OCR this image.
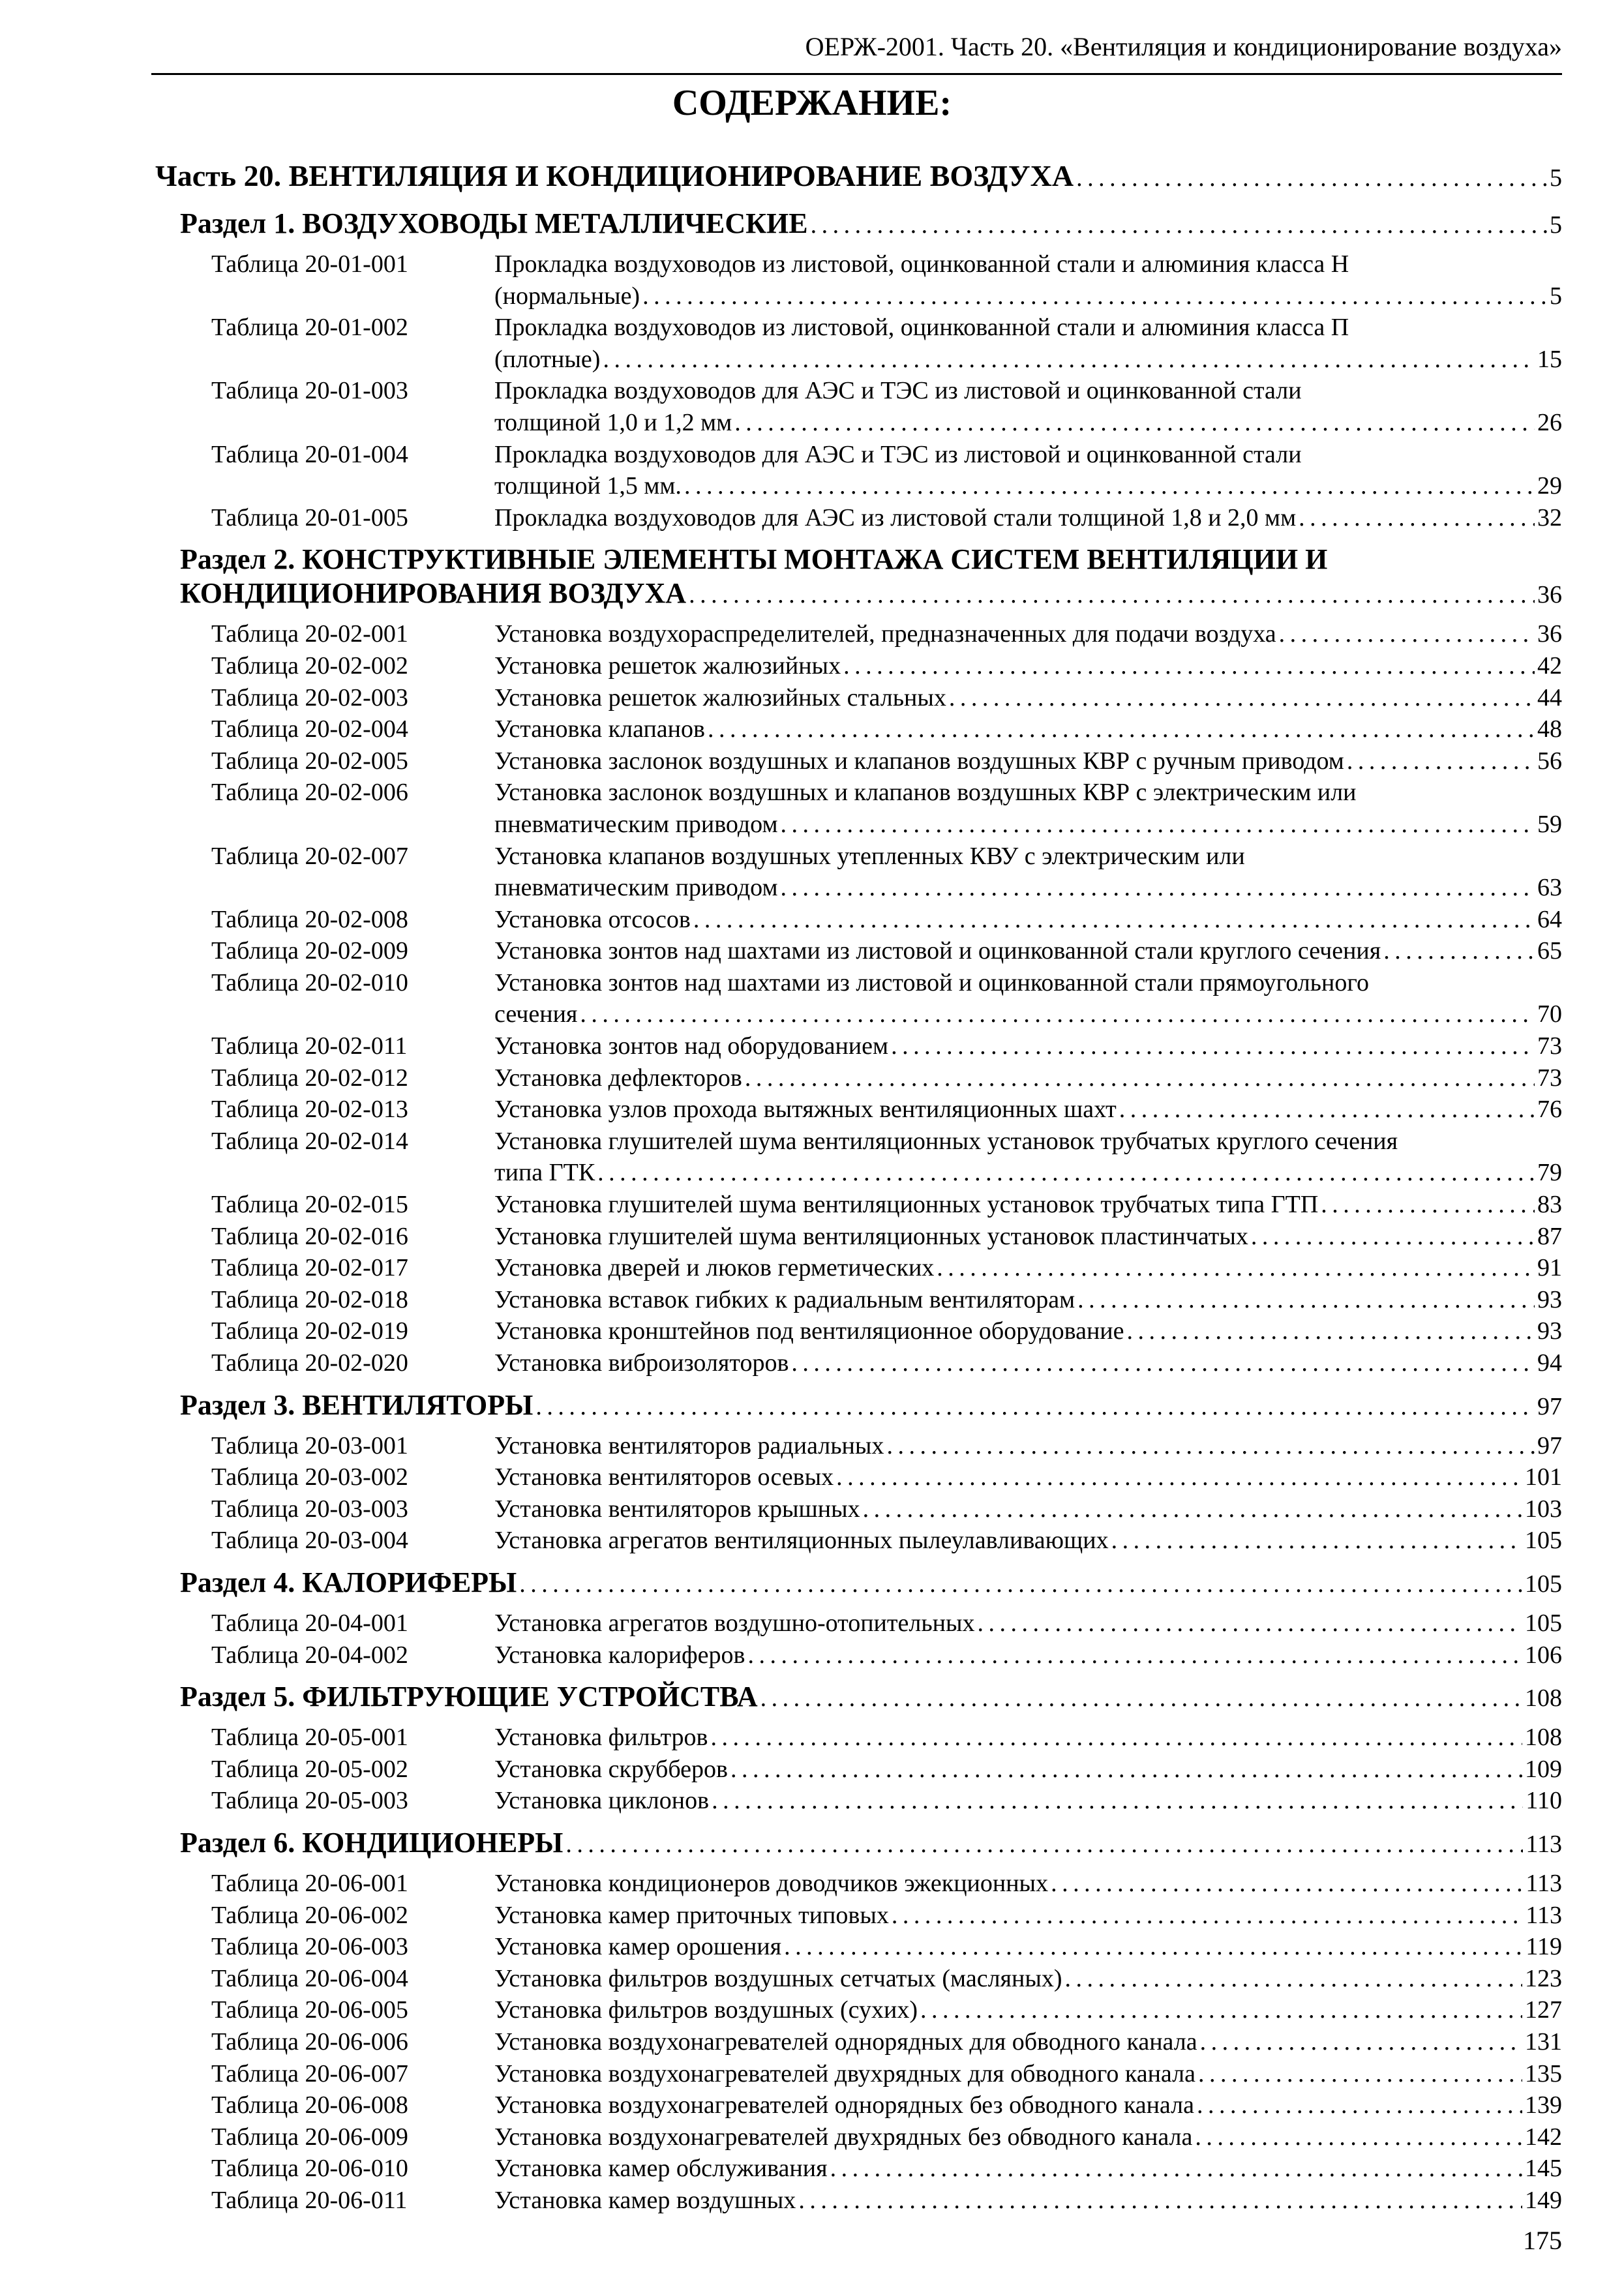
ОЕРЖ-2001. Часть 20. «Вентиляция и кондиционирование воздуха»
СОДЕРЖАНИЕ:
Часть 20. ВЕНТИЛЯЦИЯ И КОНДИЦИОНИРОВАНИЕ ВОЗДУХА . . .	5
Раздел 1. ВОЗДУХОВОДЫ МЕТАЛЛИЧЕСКИЕ . . .	5
Таблица 20-01-001	Прокладка воздуховодов из листовой, оцинкованной стали и алюминия класса Н
(нормальные) . . .	5
Таблица 20-01-002	Прокладка воздуховодов из листовой, оцинкованной стали и алюминия класса П
(плотные) . . .	15
Таблица 20-01-003	Прокладка воздуховодов для АЭС и ТЭС из листовой и оцинкованной стали
толщиной 1,0 и 1,2 мм . . .	26
Таблица 20-01-004	Прокладка воздуховодов для АЭС и ТЭС из листовой и оцинкованной стали
толщиной 1,5 мм. . . .	29
Таблица 20-01-005	Прокладка воздуховодов для АЭС из листовой стали толщиной 1,8 и 2,0 мм . . .	32
Раздел 2. КОНСТРУКТИВНЫЕ ЭЛЕМЕНТЫ МОНТАЖА СИСТЕМ ВЕНТИЛЯЦИИ И
КОНДИЦИОНИРОВАНИЯ ВОЗДУХА . . .	36
Таблица 20-02-001	Установка воздухораспределителей, предназначенных для подачи воздуха . . .	36
Таблица 20-02-002	Установка решеток жалюзийных . . .	42
Таблица 20-02-003	Установка решеток жалюзийных стальных . . .	44
Таблица 20-02-004	Установка клапанов . . .	48
Таблица 20-02-005	Установка заслонок воздушных и клапанов воздушных КВР с ручным приводом . . .	56
Таблица 20-02-006	Установка заслонок воздушных и клапанов воздушных КВР с электрическим или
пневматическим приводом . . .	59
Таблица 20-02-007	Установка клапанов воздушных утепленных КВУ с электрическим или
пневматическим приводом . . .	63
Таблица 20-02-008	Установка отсосов . . .	64
Таблица 20-02-009	Установка зонтов над шахтами из листовой и оцинкованной стали круглого сечения . . .	65
Таблица 20-02-010	Установка зонтов над шахтами из листовой и оцинкованной стали прямоугольного
сечения . . .	70
Таблица 20-02-011	Установка зонтов над оборудованием . . .	73
Таблица 20-02-012	Установка дефлекторов . . .	73
Таблица 20-02-013	Установка узлов прохода вытяжных вентиляционных шахт . . .	76
Таблица 20-02-014	Установка глушителей шума вентиляционных установок трубчатых круглого сечения
типа ГТК . . .	79
Таблица 20-02-015	Установка глушителей шума вентиляционных установок трубчатых типа ГТП . . .	83
Таблица 20-02-016	Установка глушителей шума вентиляционных установок пластинчатых . . .	87
Таблица 20-02-017	Установка дверей и люков герметических . . .	91
Таблица 20-02-018	Установка вставок гибких к радиальным вентиляторам . . .	93
Таблица 20-02-019	Установка кронштейнов под вентиляционное оборудование . . .	93
Таблица 20-02-020	Установка виброизоляторов . . .	94
Раздел 3. ВЕНТИЛЯТОРЫ . . .	97
Таблица 20-03-001	Установка вентиляторов радиальных . . .	97
Таблица 20-03-002	Установка вентиляторов осевых . . .	101
Таблица 20-03-003	Установка вентиляторов крышных . . .	103
Таблица 20-03-004	Установка агрегатов вентиляционных пылеулавливающих . . .	105
Раздел 4. КАЛОРИФЕРЫ . . .	105
Таблица 20-04-001	Установка агрегатов воздушно-отопительных . . .	105
Таблица 20-04-002	Установка калориферов . . .	106
Раздел 5. ФИЛЬТРУЮЩИЕ УСТРОЙСТВА . . .	108
Таблица 20-05-001	Установка фильтров . . .	108
Таблица 20-05-002	Установка скрубберов . . .	109
Таблица 20-05-003	Установка циклонов . . .	110
Раздел 6. КОНДИЦИОНЕРЫ . . .	113
Таблица 20-06-001	Установка кондиционеров доводчиков эжекционных . . .	113
Таблица 20-06-002	Установка камер приточных типовых . . .	113
Таблица 20-06-003	Установка камер орошения . . .	119
Таблица 20-06-004	Установка фильтров воздушных сетчатых (масляных) . . .	123
Таблица 20-06-005	Установка фильтров воздушных (сухих) . . .	127
Таблица 20-06-006	Установка воздухонагревателей однорядных для обводного канала . . .	131
Таблица 20-06-007	Установка воздухонагревателей двухрядных для обводного канала . . .	135
Таблица 20-06-008	Установка воздухонагревателей однорядных без обводного канала . . .	139
Таблица 20-06-009	Установка воздухонагревателей двухрядных без обводного канала . . .	142
Таблица 20-06-010	Установка камер обслуживания . . .	145
Таблица 20-06-011	Установка камер воздушных . . .	149
175
